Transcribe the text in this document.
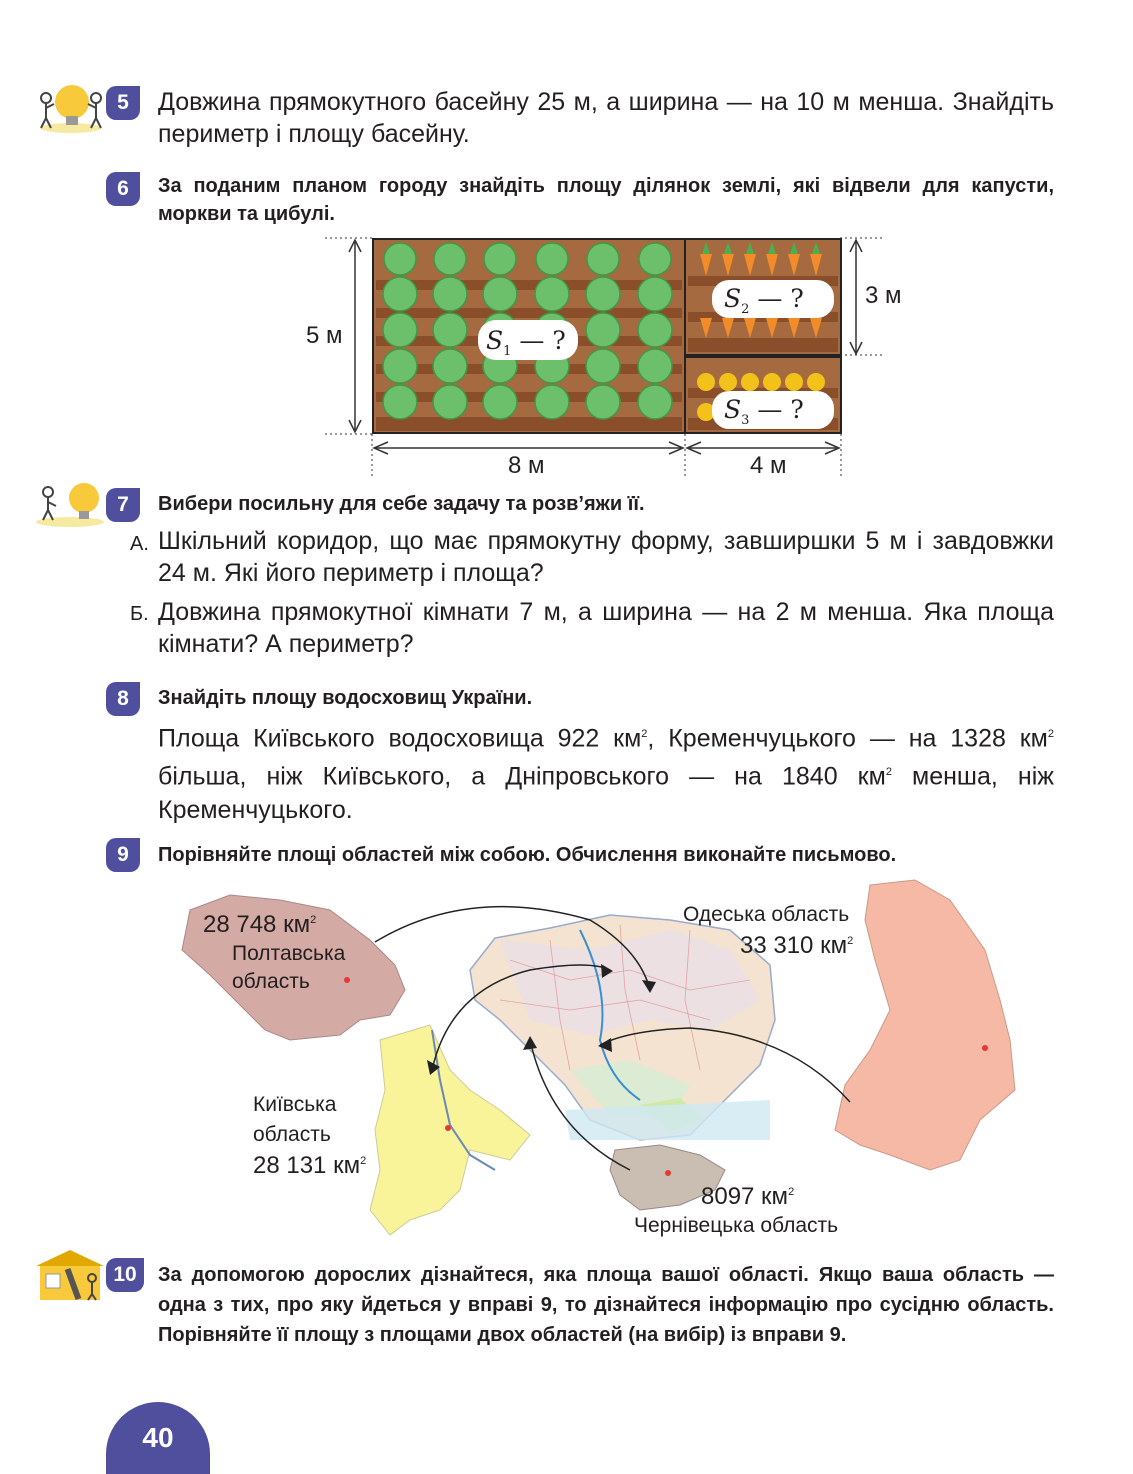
5	Довжина прямокутного басейну 25 м, а ширина — на 10 м менша. Знайдіть периметр і площу басейну.
6	За поданим планом городу знайдіть площу ділянок землі, які відвели для капусти, моркви та цибулі.
$S_1$ — ?
$S_2$ — ?
$S_3$ — ?
5 м
3 м
8 м	4 м
7	Вибери посильну для себе задачу та розв’яжи її.
А. Шкільний коридор, що має прямокутну форму, завширшки 5 м і завдовжки 24 м. Які його периметр і площа?
Б. Довжина прямокутної кімнати 7 м, а ширина — на 2 м менша. Яка площа кімнати? А периметр?
8	Знайдіть площу водосховищ України.
Площа Київського водосховища 922 $км^2$, Кременчуцького — на 1328 $км^2$ більша, ніж Київського, а Дніпровського — на 1840 $км^2$ менша, ніж Кременчуцького.
9	Порівняйте площі областей між собою. Обчислення виконайте письмово.
28 748 $км^2$
Полтавська
область
Одеська область
33 310 $км^2$
Київська
область
28 131 $км^2$
8097 $км^2$
Чернівецька область
10	За допомогою дорослих дізнайтеся, яка площа вашої області. Якщо ваша область — одна з тих, про яку йдеться у вправі 9, то дізнайтеся інформацію про сусідню область. Порівняйте її площу з площами двох областей (на вибір) із вправи 9.
40
